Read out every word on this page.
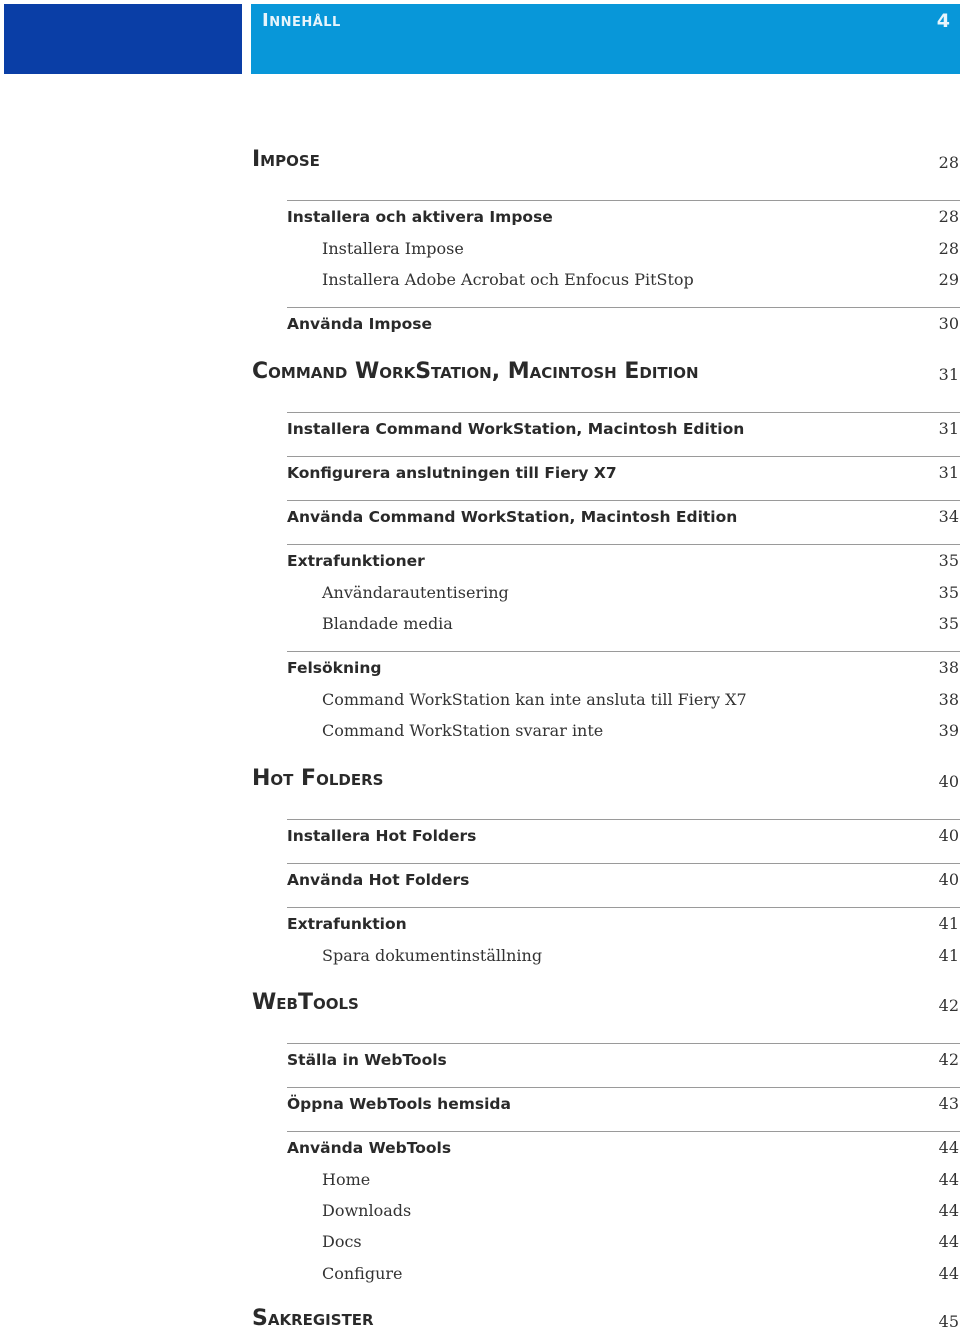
Innehåll	4
Impose	28
Installera och aktivera Impose	28
Installera Impose	28
Installera Adobe Acrobat och Enfocus PitStop	29
Använda Impose	30
Command WorkStation, Macintosh Edition	31
Installera Command WorkStation, Macintosh Edition	31
Konfigurera anslutningen till Fiery X7	31
Använda Command WorkStation, Macintosh Edition	34
Extrafunktioner	35
Användarautentisering	35
Blandade media	35
Felsökning	38
Command WorkStation kan inte ansluta till Fiery X7	38
Command WorkStation svarar inte	39
Hot Folders	40
Installera Hot Folders	40
Använda Hot Folders	40
Extrafunktion	41
Spara dokumentinställning	41
WebTools	42
Ställa in WebTools	42
Öppna WebTools hemsida	43
Använda WebTools	44
Home	44
Downloads	44
Docs	44
Configure	44
Sakregister	45
